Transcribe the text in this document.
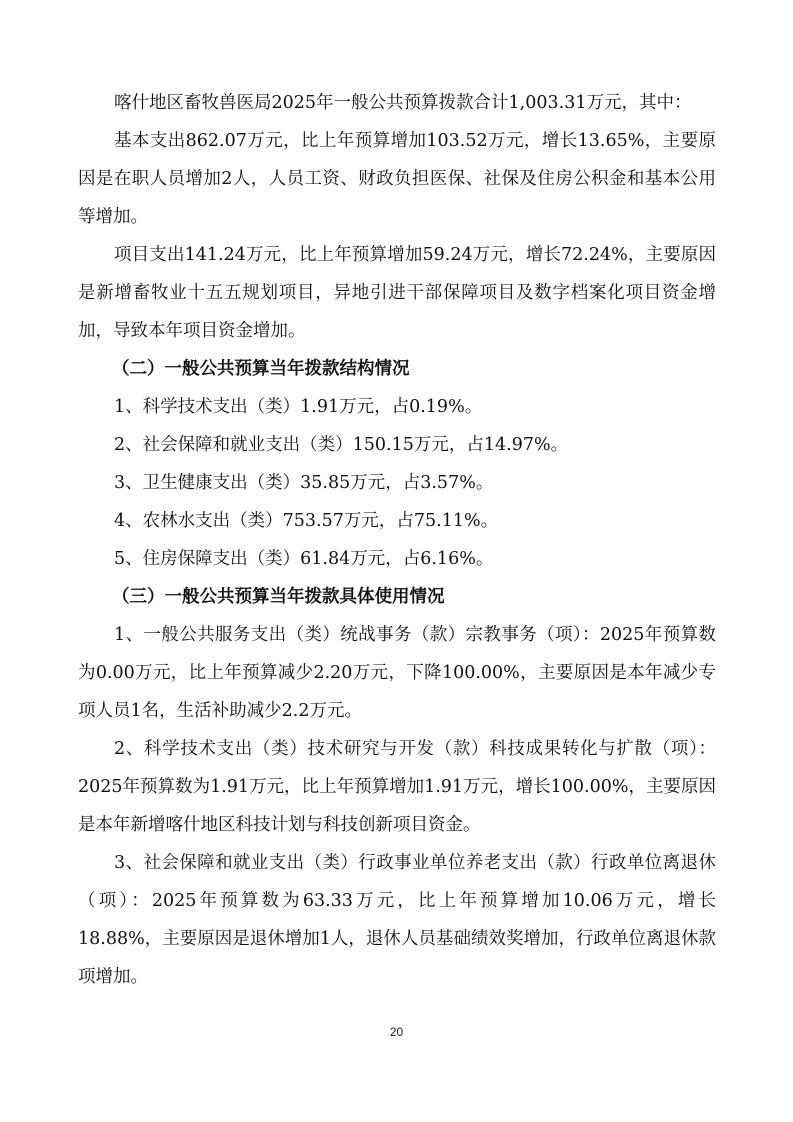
喀什地区畜牧兽医局2025年一般公共预算拨款合计1,003.31万元，其中：

基本支出862.07万元，比上年预算增加103.52万元，增长13.65%，主要原因是在职人员增加2人，人员工资、财政负担医保、社保及住房公积金和基本公用等增加。

项目支出141.24万元，比上年预算增加59.24万元，增长72.24%，主要原因是新增畜牧业十五五规划项目，异地引进干部保障项目及数字档案化项目资金增加，导致本年项目资金增加。

（二）一般公共预算当年拨款结构情况

1、科学技术支出（类）1.91万元，占0.19%。

2、社会保障和就业支出（类）150.15万元，占14.97%。

3、卫生健康支出（类）35.85万元，占3.57%。

4、农林水支出（类）753.57万元，占75.11%。

5、住房保障支出（类）61.84万元，占6.16%。

（三）一般公共预算当年拨款具体使用情况

1、一般公共服务支出（类）统战事务（款）宗教事务（项）：2025年预算数为0.00万元，比上年预算减少2.20万元，下降100.00%，主要原因是本年减少专项人员1名，生活补助减少2.2万元。

2、科学技术支出（类）技术研究与开发（款）科技成果转化与扩散（项）：2025年预算数为1.91万元，比上年预算增加1.91万元，增长100.00%，主要原因是本年新增喀什地区科技计划与科技创新项目资金。

3、社会保障和就业支出（类）行政事业单位养老支出（款）行政单位离退休（项）：2025年预算数为63.33万元，比上年预算增加10.06万元，增长18.88%，主要原因是退休增加1人，退休人员基础绩效奖增加，行政单位离退休款项增加。

20
